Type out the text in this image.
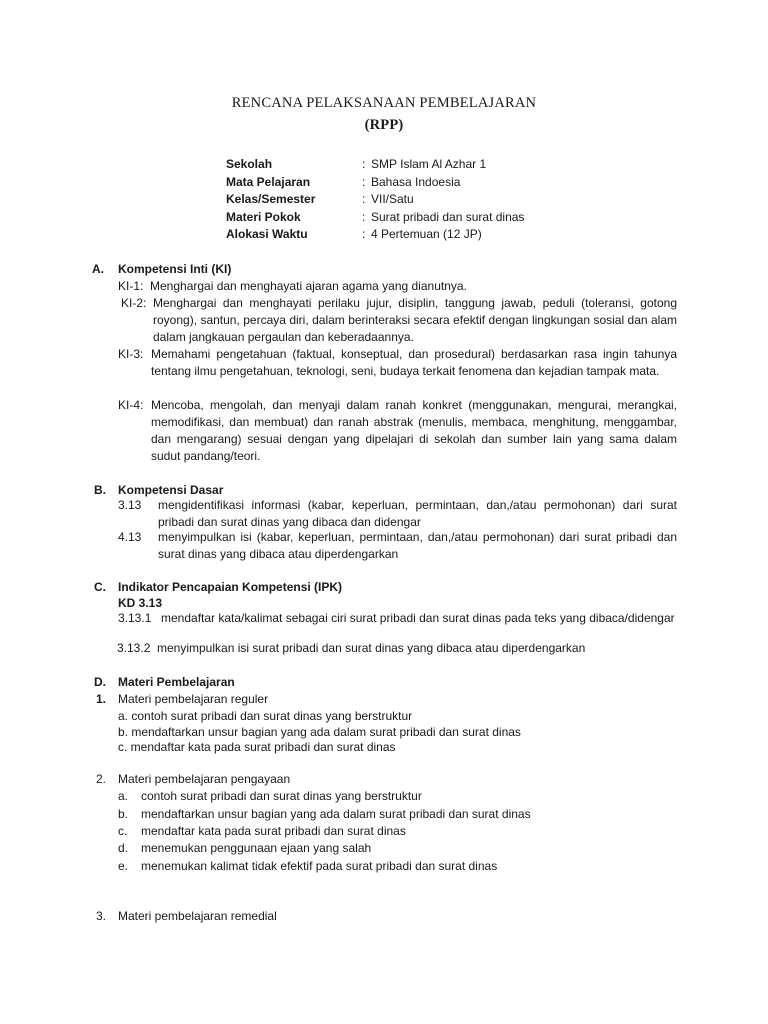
RENCANA PELAKSANAAN PEMBELAJARAN
(RPP)
Sekolah	: SMP Islam Al Azhar 1
Mata Pelajaran	: Bahasa Indoesia
Kelas/Semester	: VII/Satu
Materi Pokok	: Surat pribadi dan surat dinas
Alokasi Waktu	: 4 Pertemuan (12 JP)
A. Kompetensi Inti (KI)
KI-1: Menghargai dan menghayati ajaran agama yang dianutnya.
KI-2: Menghargai dan menghayati perilaku jujur, disiplin, tanggung jawab, peduli (toleransi, gotong royong), santun, percaya diri, dalam berinteraksi secara efektif dengan lingkungan sosial dan alam dalam jangkauan pergaulan dan keberadaannya.
KI-3: Memahami pengetahuan (faktual, konseptual, dan prosedural) berdasarkan rasa ingin tahunya tentang ilmu pengetahuan, teknologi, seni, budaya terkait fenomena dan kejadian tampak mata.
KI-4: Mencoba, mengolah, dan menyaji dalam ranah konkret (menggunakan, mengurai, merangkai, memodifikasi, dan membuat) dan ranah abstrak (menulis, membaca, menghitung, menggambar, dan mengarang) sesuai dengan yang dipelajari di sekolah dan sumber lain yang sama dalam sudut pandang/teori.
B. Kompetensi Dasar
3.13 mengidentifikasi informasi (kabar, keperluan, permintaan, dan,/atau permohonan) dari surat pribadi dan surat dinas yang dibaca dan didengar
4.13 menyimpulkan isi (kabar, keperluan, permintaan, dan,/atau permohonan) dari surat pribadi dan surat dinas yang dibaca atau diperdengarkan
C. Indikator Pencapaian Kompetensi (IPK)
KD 3.13
3.13.1 mendaftar kata/kalimat sebagai ciri surat pribadi dan surat dinas pada teks yang dibaca/didengar
3.13.2 menyimpulkan isi surat pribadi dan surat dinas yang dibaca atau diperdengarkan
D. Materi Pembelajaran
1. Materi pembelajaran reguler
a. contoh surat pribadi dan surat dinas yang berstruktur
b. mendaftarkan unsur bagian yang ada dalam surat pribadi dan surat dinas
c. mendaftar kata pada surat pribadi dan surat dinas
2. Materi pembelajaran pengayaan
a. contoh surat pribadi dan surat dinas yang berstruktur
b. mendaftarkan unsur bagian yang ada dalam surat pribadi dan surat dinas
c. mendaftar kata pada surat pribadi dan surat dinas
d. menemukan penggunaan ejaan yang salah
e. menemukan kalimat tidak efektif pada surat pribadi dan surat dinas
3. Materi pembelajaran remedial
